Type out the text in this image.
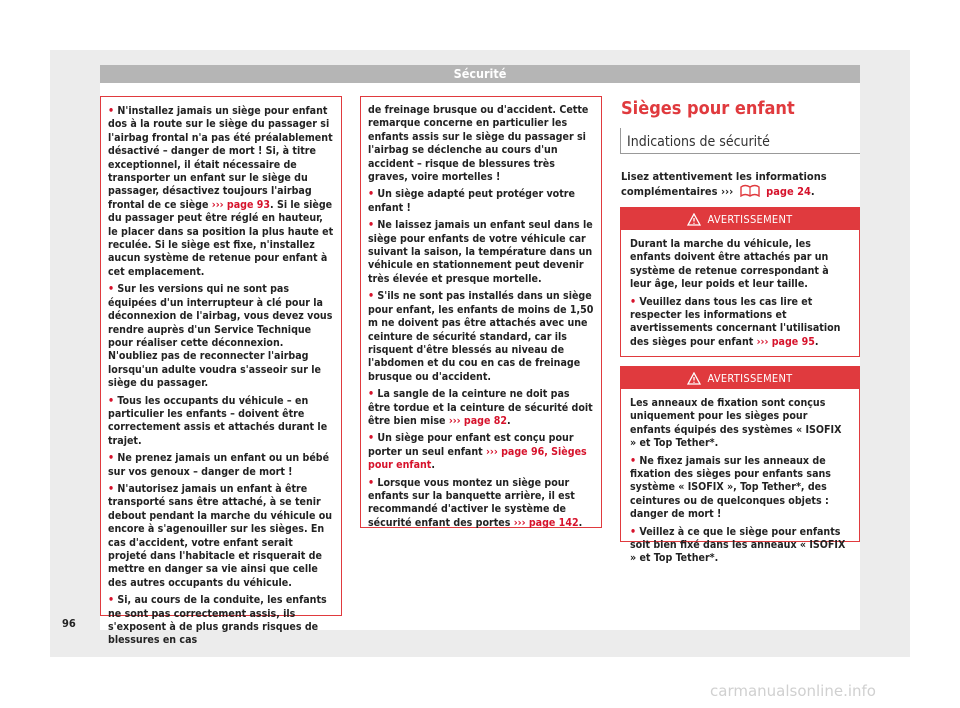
Sécurité

• N'installez jamais un siège pour enfant dos à la route sur le siège du passager si l'airbag frontal n'a pas été préalablement désactivé – danger de mort ! Si, à titre exceptionnel, il était nécessaire de transporter un enfant sur le siège du passager, désactivez toujours l'airbag frontal de ce siège ››› page 93. Si le siège du passager peut être réglé en hauteur, le placer dans sa position la plus haute et reculée. Si le siège est fixe, n'installez aucun système de retenue pour enfant à cet emplacement.

• Sur les versions qui ne sont pas équipées d'un interrupteur à clé pour la déconnexion de l'airbag, vous devez vous rendre auprès d'un Service Technique pour réaliser cette déconnexion. N'oubliez pas de reconnecter l'airbag lorsqu'un adulte voudra s'asseoir sur le siège du passager.

• Tous les occupants du véhicule – en particulier les enfants – doivent être correctement assis et attachés durant le trajet.

• Ne prenez jamais un enfant ou un bébé sur vos genoux – danger de mort !

• N'autorisez jamais un enfant à être transporté sans être attaché, à se tenir debout pendant la marche du véhicule ou encore à s'agenouiller sur les sièges. En cas d'accident, votre enfant serait projeté dans l'habitacle et risquerait de mettre en danger sa vie ainsi que celle des autres occupants du véhicule.

• Si, au cours de la conduite, les enfants ne sont pas correctement assis, ils s'exposent à de plus grands risques de blessures en cas

de freinage brusque ou d'accident. Cette remarque concerne en particulier les enfants assis sur le siège du passager si l'airbag se déclenche au cours d'un accident – risque de blessures très graves, voire mortelles !

• Un siège adapté peut protéger votre enfant !

• Ne laissez jamais un enfant seul dans le siège pour enfants de votre véhicule car suivant la saison, la température dans un véhicule en stationnement peut devenir très élevée et presque mortelle.

• S'ils ne sont pas installés dans un siège pour enfant, les enfants de moins de 1,50 m ne doivent pas être attachés avec une ceinture de sécurité standard, car ils risquent d'être blessés au niveau de l'abdomen et du cou en cas de freinage brusque ou d'accident.

• La sangle de la ceinture ne doit pas être tordue et la ceinture de sécurité doit être bien mise ››› page 82.

• Un siège pour enfant est conçu pour porter un seul enfant ››› page 96, Sièges pour enfant.

• Lorsque vous montez un siège pour enfants sur la banquette arrière, il est recommandé d'activer le système de sécurité enfant des portes ››› page 142.

Sièges pour enfant
Indications de sécurité
Lisez attentivement les informations complémentaires ›››	page 24.
AVERTISSEMENT

Durant la marche du véhicule, les enfants doivent être attachés par un système de retenue correspondant à leur âge, leur poids et leur taille.

• Veuillez dans tous les cas lire et respecter les informations et avertissements concernant l'utilisation des sièges pour enfant ››› page 95.

AVERTISSEMENT

Les anneaux de fixation sont conçus uniquement pour les sièges pour enfants équipés des systèmes « ISOFIX » et Top Tether*.

• Ne fixez jamais sur les anneaux de fixation des sièges pour enfants sans système « ISOFIX », Top Tether*, des ceintures ou de quelconques objets : danger de mort !

• Veillez à ce que le siège pour enfants soit bien fixé dans les anneaux « ISOFIX » et Top Tether*.

96
carmanualsonline.info
